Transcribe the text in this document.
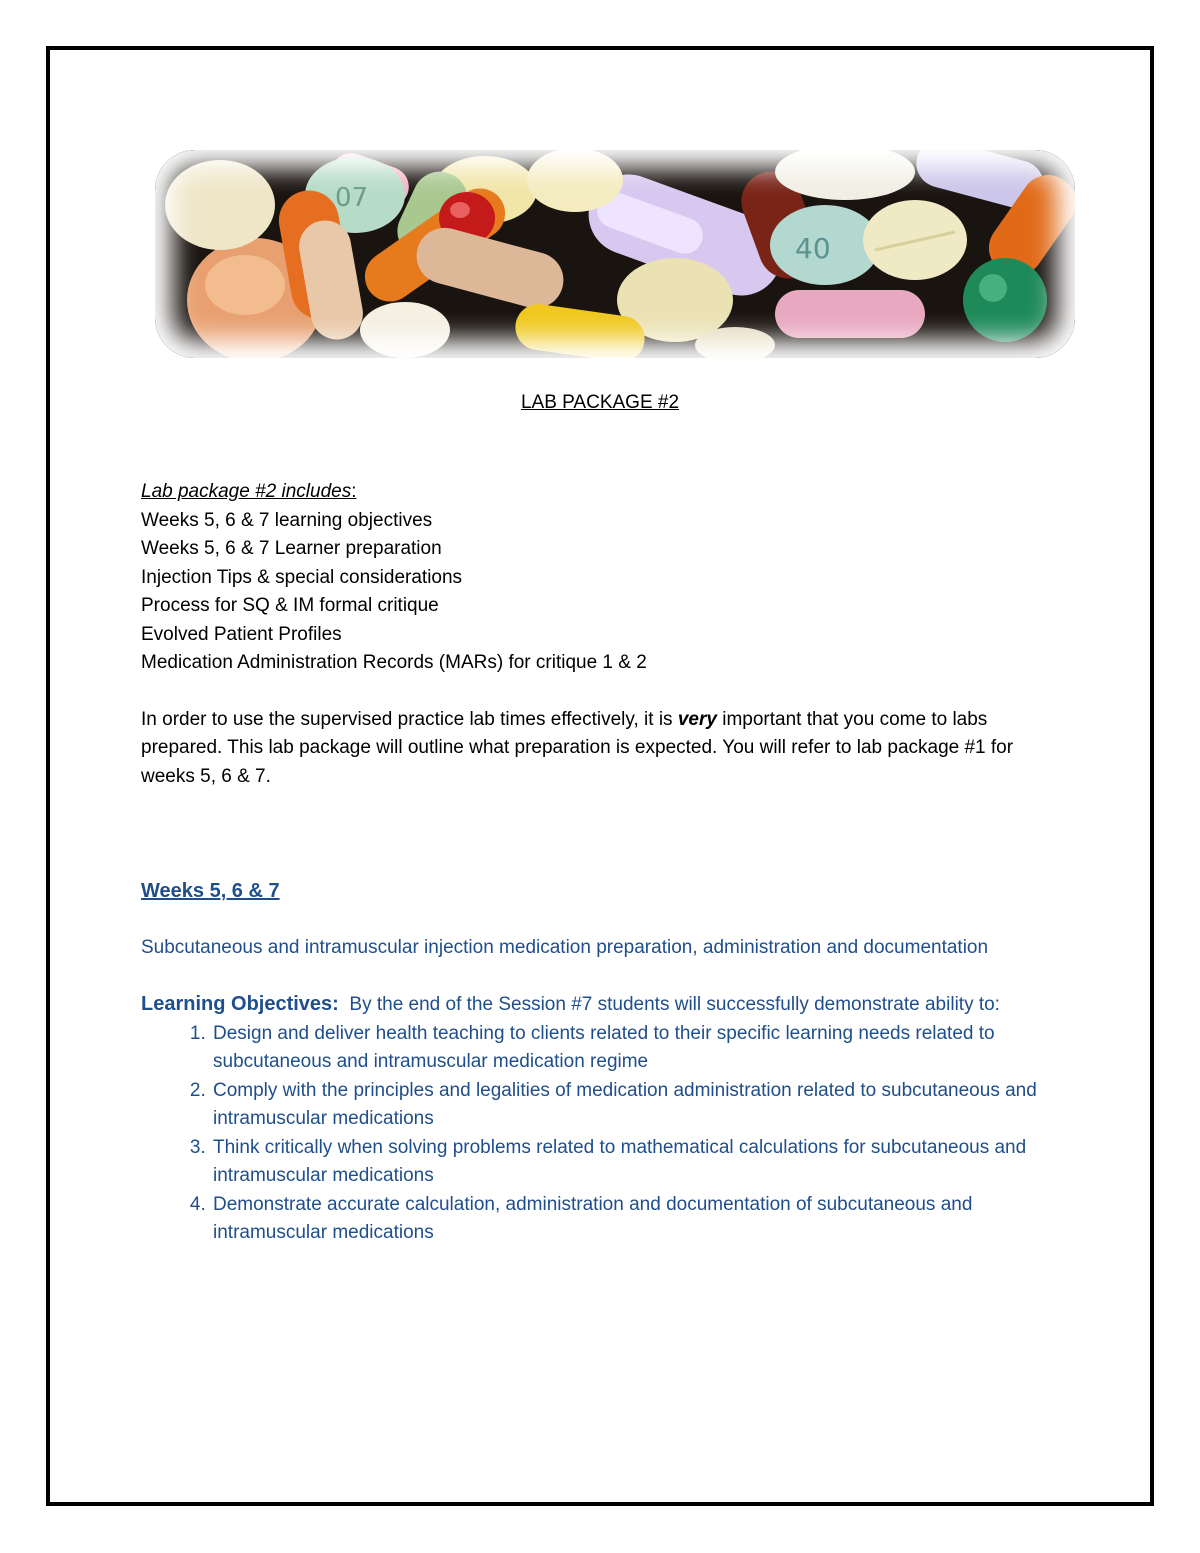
07
40
LAB PACKAGE #2
Lab package #2 includes:
Weeks 5, 6 & 7 learning objectives
Weeks 5, 6 & 7 Learner preparation
Injection Tips & special considerations
Process for SQ & IM formal critique
Evolved Patient Profiles
Medication Administration Records (MARs) for critique 1 & 2
In order to use the supervised practice lab times effectively, it is very important that you come to labs prepared. This lab package will outline what preparation is expected. You will refer to lab package #1 for weeks 5, 6 & 7.
Weeks 5, 6 & 7
Subcutaneous and intramuscular injection medication preparation, administration and documentation
Learning Objectives:  By the end of the Session #7 students will successfully demonstrate ability to:
1. Design and deliver health teaching to clients related to their specific learning needs related to subcutaneous and intramuscular medication regime
2. Comply with the principles and legalities of medication administration related to subcutaneous and intramuscular medications
3. Think critically when solving problems related to mathematical calculations for subcutaneous and intramuscular medications
4. Demonstrate accurate calculation, administration and documentation of subcutaneous and intramuscular medications
